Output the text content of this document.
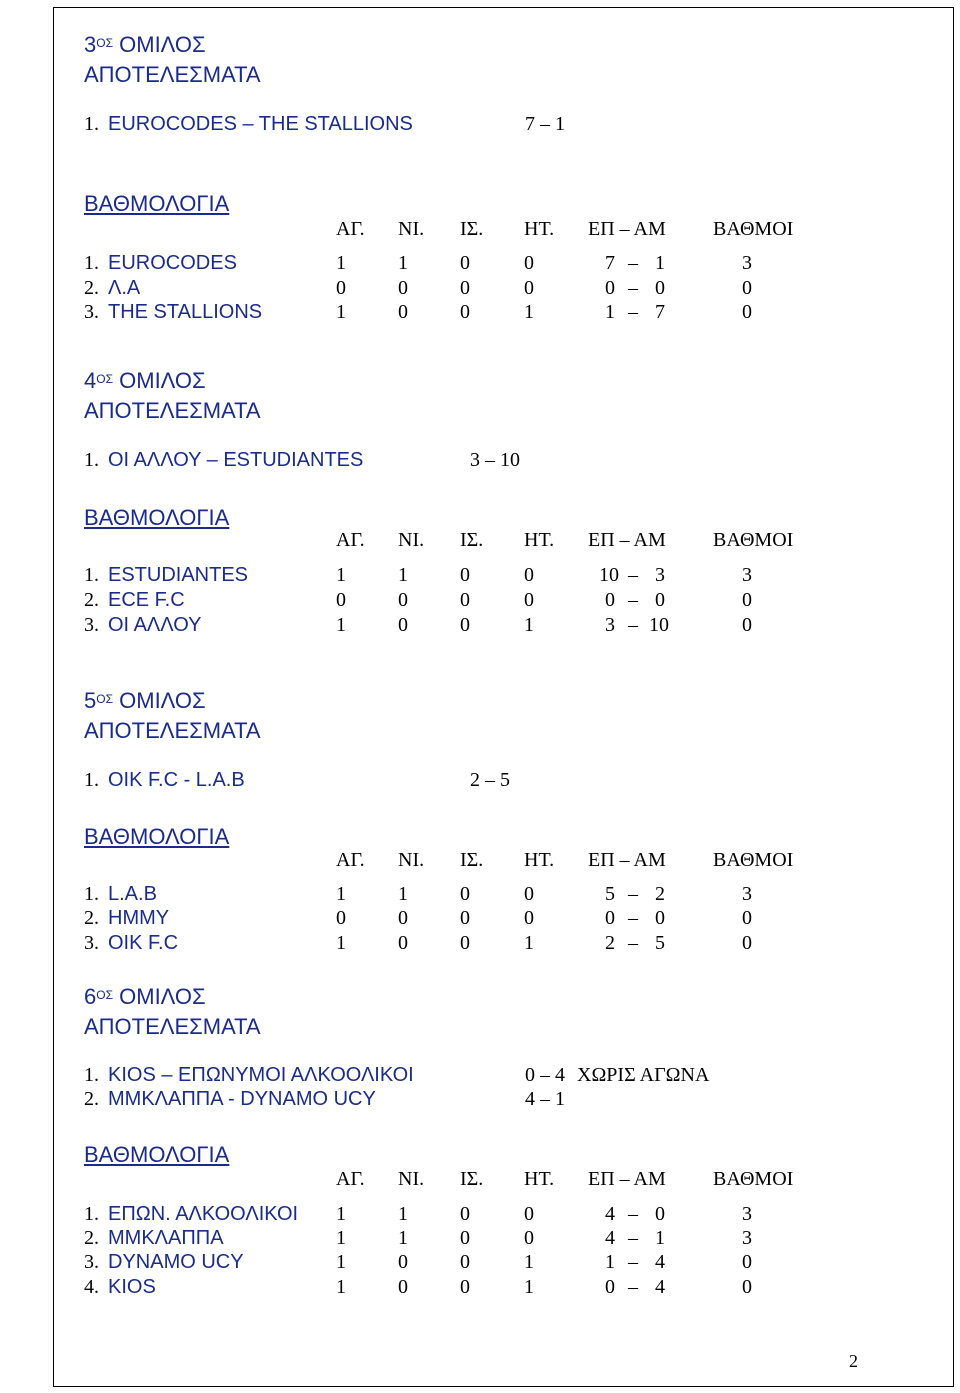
$3^{O\Sigma}$ ΟΜΙΛΟΣ
ΑΠΟΤΕΛΕΣΜΑΤΑ
1. EUROCODES – THE STALLIONS	7 – 1
ΒΑΘΜΟΛΟΓΙΑ
ΑΓ. ΝΙ. ΙΣ. ΗΤ. ΕΠ – ΑΜ ΒΑΘΜΟΙ
1. EUROCODES	1	1	0	0	7 – 1	3
2. Λ.Α	0	0	0	0	0 – 0	0
3. THE STALLIONS	1	0	0	1	1 – 7	0
$4^{O\Sigma}$ ΟΜΙΛΟΣ
ΑΠΟΤΕΛΕΣΜΑΤΑ
1. ΟΙ ΑΛΛΟΥ – ESTUDIANTES	3 – 10
ΒΑΘΜΟΛΟΓΙΑ
ΑΓ. ΝΙ. ΙΣ. ΗΤ. ΕΠ – ΑΜ ΒΑΘΜΟΙ
1. ESTUDIANTES	1	1	0	0	10 – 3	3
2. ECE F.C	0	0	0	0	0 – 0	0
3. ΟΙ ΑΛΛΟΥ	1	0	0	1	3 – 10	0
$5^{O\Sigma}$ ΟΜΙΛΟΣ
ΑΠΟΤΕΛΕΣΜΑΤΑ
1. OIK F.C - L.A.B	2 – 5
ΒΑΘΜΟΛΟΓΙΑ
ΑΓ. ΝΙ. ΙΣ. ΗΤ. ΕΠ – ΑΜ ΒΑΘΜΟΙ
1. L.A.B	1	1	0	0	5 – 2	3
2. HMMY	0	0	0	0	0 – 0	0
3. OIK F.C	1	0	0	1	2 – 5	0
$6^{O\Sigma}$ ΟΜΙΛΟΣ
ΑΠΟΤΕΛΕΣΜΑΤΑ
1. KIOS – ΕΠΩΝΥΜΟΙ ΑΛΚΟΟΛΙΚΟΙ	0 – 4 ΧΩΡΙΣ ΑΓΩΝΑ
2. ΜΜΚΛΑΠΠΑ - DYNAMO UCY	4 – 1
ΒΑΘΜΟΛΟΓΙΑ
ΑΓ. ΝΙ. ΙΣ. ΗΤ. ΕΠ – ΑΜ ΒΑΘΜΟΙ
1. ΕΠΩΝ. ΑΛΚΟΟΛΙΚΟΙ 1	1	0	0	4 – 0	3
2. ΜΜΚΛΑΠΠΑ	1	1	0	0	4 – 1	3
3. DYNAMO UCY	1	0	0	1	1 – 4	0
4. KIOS	1	0	0	1	0 – 4	0
2
